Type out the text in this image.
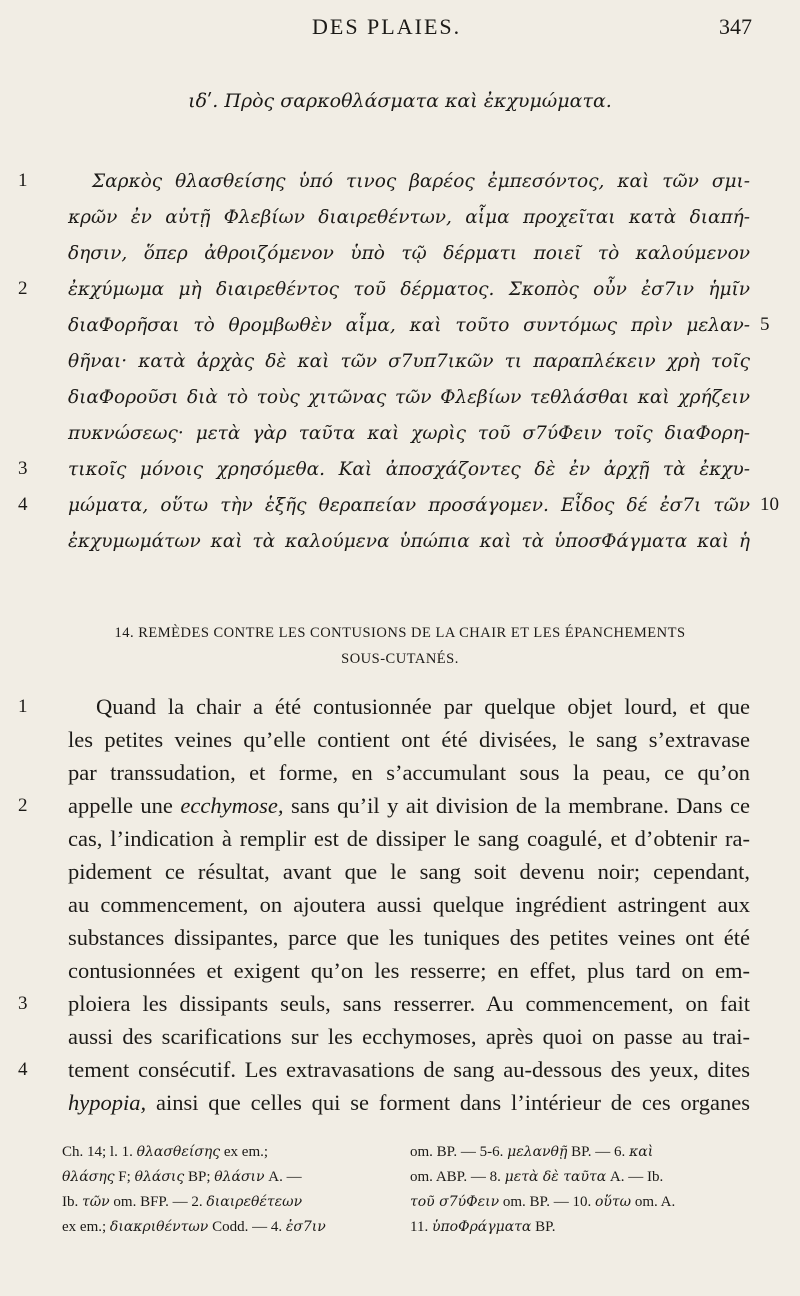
DES PLAIES.	347
ιδʹ. Πρὸς σαρκοθλάσματα καὶ ἐκχυμώματα.
Σαρκὸς θλασθείσης ὑπό τινος βαρέος ἐμπεσόντος, καὶ τῶν σμι-
1
κρῶν ἐν αὐτῇ Φλεβίων διαιρεθέντων, αἷμα προχεῖται κατὰ διαπή-
δησιν, ὅπερ ἀθροιζόμενον ὑπὸ τῷ δέρματι ποιεῖ τὸ καλούμενον
ἐκχύμωμα μὴ διαιρεθέντος τοῦ δέρματος. Σκοπὸς οὖν ἐσ7ιν ἡμῖν
2
διαΦορῆσαι τὸ θρομβωθὲν αἷμα, καὶ τοῦτο συντόμως πρὶν μελαν- 5
θῆναι· κατὰ ἀρχὰς δὲ καὶ τῶν σ7υπ7ικῶν τι παραπλέκειν χρὴ τοῖς
διαΦοροῦσι διὰ τὸ τοὺς χιτῶνας τῶν Φλεβίων τεθλάσθαι καὶ χρήζειν
πυκνώσεως· μετὰ γὰρ ταῦτα καὶ χωρὶς τοῦ σ7ύΦειν τοῖς διαΦορη-
τικοῖς μόνοις χρησόμεθα. Καὶ ἀποσχάζοντες δὲ ἐν ἀρχῇ τὰ ἐκχυ-
3
μώματα, οὕτω τὴν ἑξῆς θεραπείαν προσάγομεν. Εἶδος δέ ἐσ7ι τῶν
4	10
ἐκχυμωμάτων καὶ τὰ καλούμενα ὑπώπια καὶ τὰ ὑποσΦάγματα καὶ ἡ
14. REMÈDES CONTRE LES CONTUSIONS DE LA CHAIR ET LES ÉPANCHEMENTS
SOUS-CUTANÉS.
Quand la chair a été contusionnée par quelque objet lourd, et que
1
les petites veines qu’elle contient ont été divisées, le sang s’extravase
par transsudation, et forme, en s’accumulant sous la peau, ce qu’on
appelle une ecchymose, sans qu’il y ait division de la membrane. Dans ce
2
cas, l’indication à remplir est de dissiper le sang coagulé, et d’obtenir ra-
pidement ce résultat, avant que le sang soit devenu noir; cependant,
au commencement, on ajoutera aussi quelque ingrédient astringent aux
substances dissipantes, parce que les tuniques des petites veines ont été
contusionnées et exigent qu’on les resserre; en effet, plus tard on em-
ploiera les dissipants seuls, sans resserrer. Au commencement, on fait
3
aussi des scarifications sur les ecchymoses, après quoi on passe au trai-
tement consécutif. Les extravasations de sang au-dessous des yeux, dites
4
hypopia, ainsi que celles qui se forment dans l’intérieur de ces organes
Ch. 14; l. 1. θλασθείσης ex em.;
θλάσης F; θλάσις BP; θλάσιν A. —
Ib. τῶν om. BFP. — 2. διαιρεθέτεων
ex em.; διακριθέντων Codd. — 4. ἐσ7ιν
om. BP. — 5-6. μελανθῇ BP. — 6. καὶ
om. ABP. — 8. μετὰ δὲ ταῦτα A. — Ib.
τοῦ σ7ύΦειν om. BP. — 10. οὕτω om. A.
11. ὑποΦράγματα BP.
